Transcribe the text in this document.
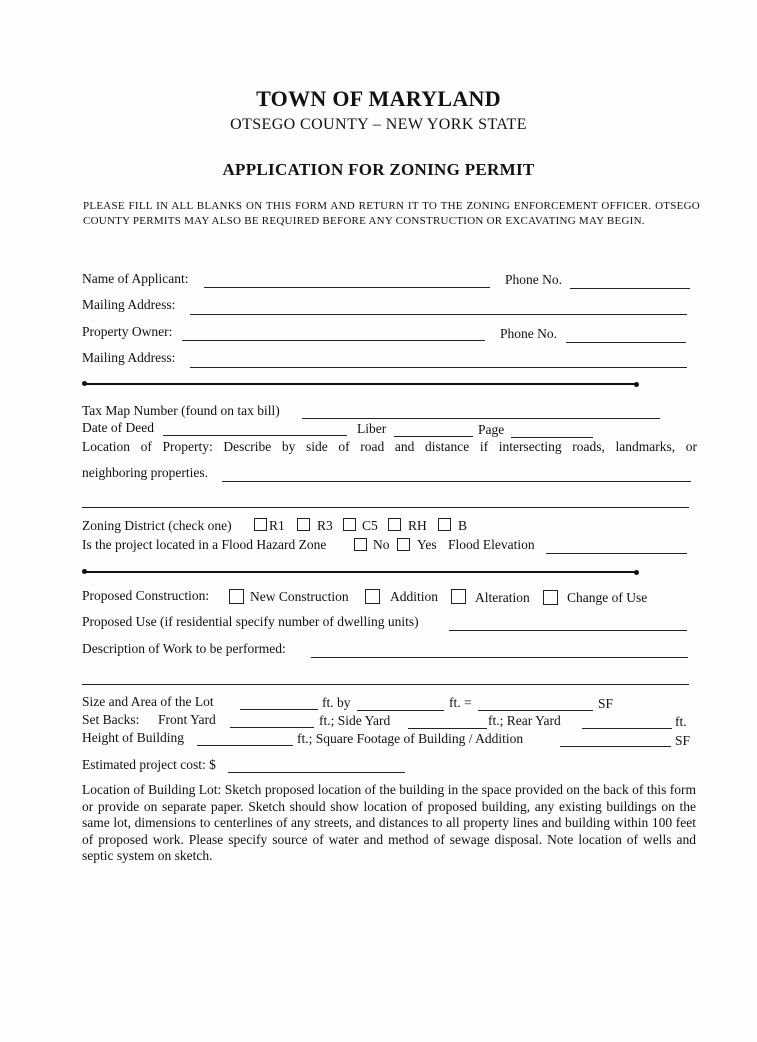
TOWN OF MARYLAND
OTSEGO COUNTY – NEW YORK STATE
APPLICATION FOR ZONING PERMIT
PLEASE FILL IN ALL BLANKS ON THIS FORM AND RETURN IT TO THE ZONING ENFORCEMENT OFFICER. OTSEGO COUNTY PERMITS MAY ALSO BE REQUIRED BEFORE ANY CONSTRUCTION OR EXCAVATING MAY BEGIN.
Name of Applicant:	Phone No.
Mailing Address:
Property Owner:	Phone No.
Mailing Address:
Tax Map Number (found on tax bill)
Date of Deed	Liber	Page
Location of Property: Describe by side of road and distance if intersecting roads, landmarks, or
neighboring properties.
Zoning District (check one)	R1 R3 C5 RH B
Is the project located in a Flood Hazard Zone	No Yes Flood Elevation
Proposed Construction:	New Construction	Addition	Alteration	Change of Use
Proposed Use (if residential specify number of dwelling units)
Description of Work to be performed:
Size and Area of the Lot	ft. by	ft. =	SF
Set Backs: Front Yard	ft.; Side Yard	ft.; Rear Yard	ft.
Height of Building	ft.; Square Footage of Building / Addition	SF
Estimated project cost: $
Location of Building Lot: Sketch proposed location of the building in the space provided on the back of this form or provide on separate paper. Sketch should show location of proposed building, any existing buildings on the same lot, dimensions to centerlines of any streets, and distances to all property lines and building within 100 feet of proposed work. Please specify source of water and method of sewage disposal. Note location of wells and septic system on sketch.
